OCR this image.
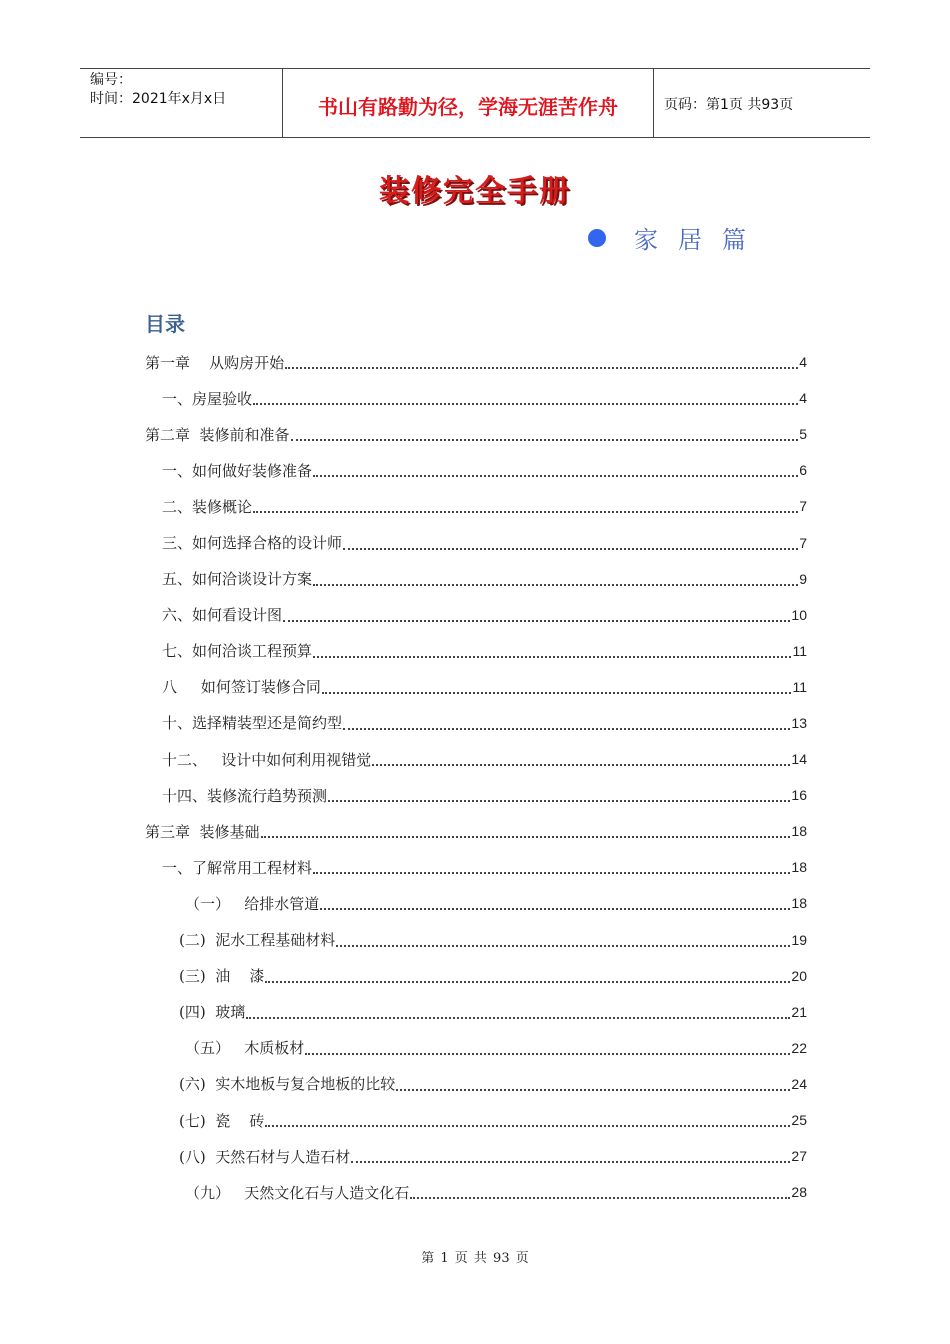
编号：
时间：2021年x月x日	书山有路勤为径，学海无涯苦作舟	页码：第1页 共93页
装修完全手册
家居篇
目录
第一章    从购房开始	4
一、房屋验收	4
第二章  装修前和准备	5
一、如何做好装修准备	6
二、装修概论	7
三、如何选择合格的设计师	7
五、如何洽谈设计方案	9
六、如何看设计图	10
七、如何洽谈工程预算	11
八     如何签订装修合同	11
十、选择精装型还是简约型	13
十二、   设计中如何利用视错觉	14
十四、装修流行趋势预测	16
第三章  装修基础	18
一、了解常用工程材料	18
（一）   给排水管道	18
(二)  泥水工程基础材料	19
(三)  油    漆	20
(四)  玻璃	21
（五）   木质板材	22
(六)  实木地板与复合地板的比较	24
(七)  瓷    砖	25
(八)  天然石材与人造石材	27
（九）   天然文化石与人造文化石	28
第 1 页 共 93 页
